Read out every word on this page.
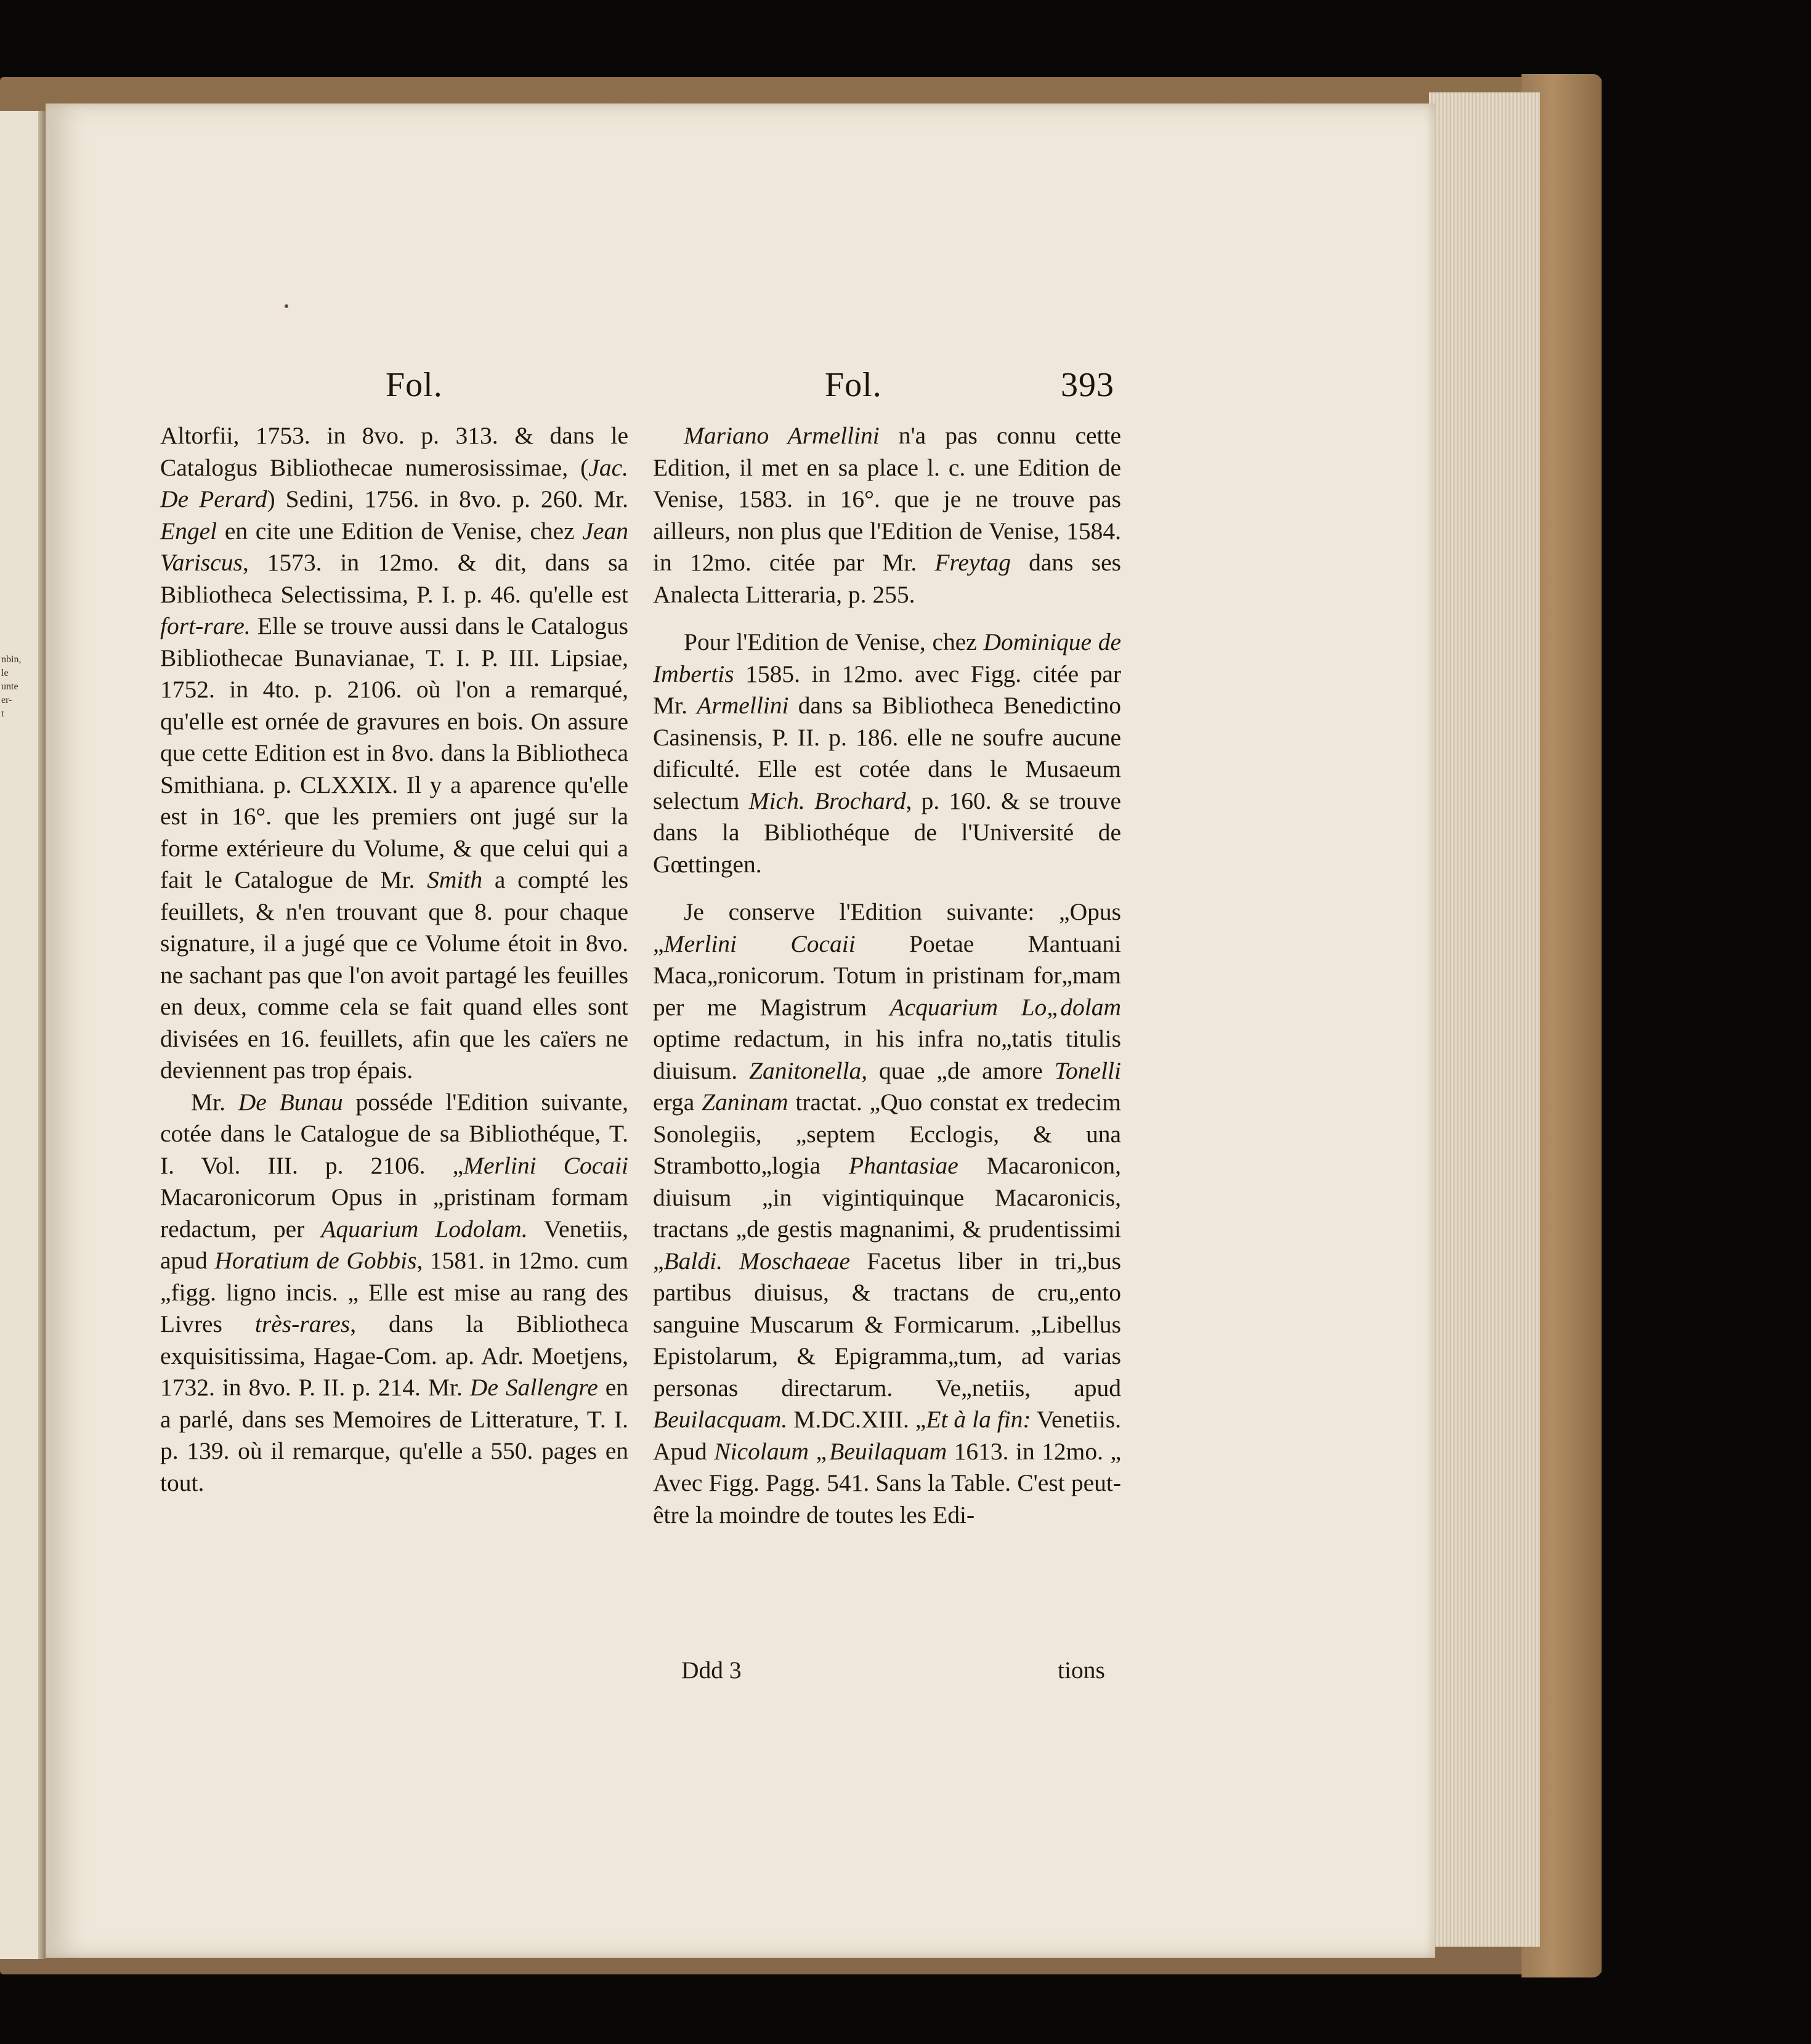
nbin,
le
unte
er-
t
Fol.	Fol.	393

Altorfii, 1753. in 8vo. p. 313. & dans le Catalogus Bibliothecae numerosissimae, (Jac. De Perard) Sedini, 1756. in 8vo. p. 260. Mr. Engel en cite une Edition de Venise, chez Jean Variscus, 1573. in 12mo. & dit, dans sa Bibliotheca Selectissima, P. I. p. 46. qu'elle est fort-rare. Elle se trouve aussi dans le Catalogus Bibliothecae Bunavianae, T. I. P. III. Lipsiae, 1752. in 4to. p. 2106. où l'on a remarqué, qu'elle est ornée de gravures en bois. On assure que cette Edition est in 8vo. dans la Bibliotheca Smithiana. p. CLXXIX. Il y a aparence qu'elle est in 16°. que les premiers ont jugé sur la forme extérieure du Volume, & que celui qui a fait le Catalogue de Mr. Smith a compté les feuillets, & n'en trouvant que 8. pour chaque signature, il a jugé que ce Volume étoit in 8vo. ne sachant pas que l'on avoit partagé les feuilles en deux, comme cela se fait quand elles sont divisées en 16. feuillets, afin que les caïers ne deviennent pas trop épais.

Mr. De Bunau posséde l'Edition suivante, cotée dans le Catalogue de sa Bibliothéque, T. I. Vol. III. p. 2106. „Merlini Cocaii Macaronicorum Opus in „pristinam formam redactum, per Aquarium Lodolam. Venetiis, apud Horatium de Gobbis, 1581. in 12mo. cum „figg. ligno incis. „ Elle est mise au rang des Livres très-rares, dans la Bibliotheca exquisitissima, Hagae-Com. ap. Adr. Moetjens, 1732. in 8vo. P. II. p. 214. Mr. De Sallengre en a parlé, dans ses Memoires de Litterature, T. I. p. 139. où il remarque, qu'elle a 550. pages en tout.

Mariano Armellini n'a pas connu cette Edition, il met en sa place l. c. une Edition de Venise, 1583. in 16°. que je ne trouve pas ailleurs, non plus que l'Edition de Venise, 1584. in 12mo. citée par Mr. Freytag dans ses Analecta Litteraria, p. 255.

Pour l'Edition de Venise, chez Dominique de Imbertis 1585. in 12mo. avec Figg. citée par Mr. Armellini dans sa Bibliotheca Benedictino Casinensis, P. II. p. 186. elle ne soufre aucune dificulté. Elle est cotée dans le Musaeum selectum Mich. Brochard, p. 160. & se trouve dans la Bibliothéque de l'Université de Gœttingen.

Je conserve l'Edition suivante: „Opus „Merlini Cocaii Poetae Mantuani Maca„ronicorum. Totum in pristinam for„mam per me Magistrum Acquarium Lo„dolam optime redactum, in his infra no„tatis titulis diuisum. Zanitonella, quae „de amore Tonelli erga Zaninam tractat. „Quo constat ex tredecim Sonolegiis, „septem Ecclogis, & una Strambotto„logia Phantasiae Macaronicon, diuisum „in vigintiquinque Macaronicis, tractans „de gestis magnanimi, & prudentissimi „Baldi. Moschaeae Facetus liber in tri„bus partibus diuisus, & tractans de cru„ento sanguine Muscarum & Formicarum. „Libellus Epistolarum, & Epigramma„tum, ad varias personas directarum. Ve„netiis, apud Beuilacquam. M.DC.XIII. „Et à la fin: Venetiis. Apud Nicolaum „Beuilaquam 1613. in 12mo. „ Avec Figg. Pagg. 541. Sans la Table. C'est peut-être la moindre de toutes les Edi-

Ddd 3	tions
